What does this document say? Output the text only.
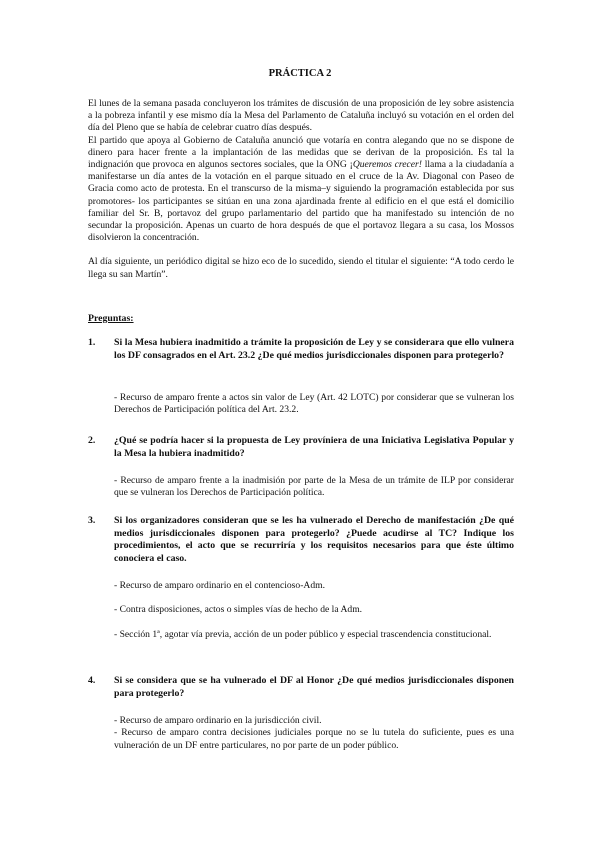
PRÁCTICA 2

El lunes de la semana pasada concluyeron los trámites de discusión de una proposición de ley sobre asistencia a la pobreza infantil y ese mismo día la Mesa del Parlamento de Cataluña incluyó su votación en el orden del día del Pleno que se había de celebrar cuatro días después.

El partido que apoya al Gobierno de Cataluña anunció que votaría en contra alegando que no se dispone de dinero para hacer frente a la implantación de las medidas que se derivan de la proposición. Es tal la indignación que provoca en algunos sectores sociales, que la ONG ¡Queremos crecer! llama a la ciudadanía a manifestarse un día antes de la votación en el parque situado en el cruce de la Av. Diagonal con Paseo de Gracia como acto de protesta. En el transcurso de la misma–y siguiendo la programación establecida por sus promotores- los participantes se sitúan en una zona ajardinada frente al edificio en el que está el domicilio familiar del Sr. B, portavoz del grupo parlamentario del partido que ha manifestado su intención de no secundar la proposición. Apenas un cuarto de hora después de que el portavoz llegara a su casa, los Mossos disolvieron la concentración.

Al día siguiente, un periódico digital se hizo eco de lo sucedido, siendo el titular el siguiente: “A todo cerdo le llega su san Martín”.

Preguntas:
1.	Si la Mesa hubiera inadmitido a trámite la proposición de Ley y se considerara que ello vulnera los DF consagrados en el Art. 23.2 ¿De qué medios jurisdiccionales disponen para protegerlo?

- Recurso de amparo frente a actos sin valor de Ley (Art. 42 LOTC) por considerar que se vulneran los Derechos de Participación política del Art. 23.2.

2.	¿Qué se podría hacer si la propuesta de Ley províniera de una Iniciativa Legislativa Popular y la Mesa la hubiera inadmitido?

- Recurso de amparo frente a la inadmisión por parte de la Mesa de un trámite de ILP por considerar que se vulneran los Derechos de Participación política.

3.	Si los organizadores consideran que se les ha vulnerado el Derecho de manifestación ¿De qué medios jurisdiccionales disponen para protegerlo? ¿Puede acudirse al TC? Indique los procedimientos, el acto que se recurriría y los requisitos necesarios para que éste último conociera el caso.

- Recurso de amparo ordinario en el contencioso-Adm.

- Contra disposiciones, actos o simples vías de hecho de la Adm.

- Sección 1ª, agotar vía previa, acción de un poder público y especial trascendencia constitucional.

4.	Si se considera que se ha vulnerado el DF al Honor ¿De qué medios jurisdiccionales disponen para protegerlo?

- Recurso de amparo ordinario en la jurisdicción civil.

- Recurso de amparo contra decisiones judiciales porque no se lu tutela do suficiente, pues es una vulneración de un DF entre particulares, no por parte de un poder público.
